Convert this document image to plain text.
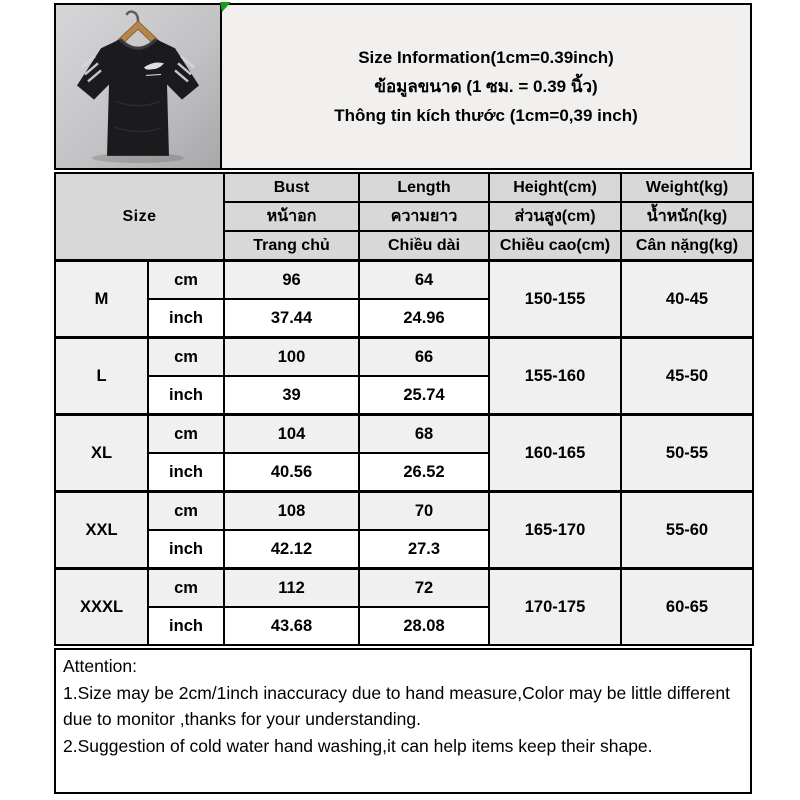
Size Information(1cm=0.39inch)
ข้อมูลขนาด (1 ซม. = 0.39 นิ้ว)
Thông tin kích thước (1cm=0,39 inch)
Size		Bust	Length	Height(cm)	Weight(kg)
		หน้าอก	ความยาว	ส่วนสูง(cm)	น้ำหนัก(kg)
		Trang chủ	Chiều dài	Chiều cao(cm)	Cân nặng(kg)
M	cm	96	64	150-155	40-45
	inch	37.44	24.96		
L	cm	100	66	155-160	45-50
	inch	39	25.74		
XL	cm	104	68	160-165	50-55
	inch	40.56	26.52		
XXL	cm	108	70	165-170	55-60
	inch	42.12	27.3		
XXXL	cm	112	72	170-175	60-65
	inch	43.68	28.08		
Attention:
1.Size may be 2cm/1inch inaccuracy due to hand measure,Color may be little different due to monitor ,thanks for your understanding.
2.Suggestion of cold water hand washing,it can help items keep their shape.
